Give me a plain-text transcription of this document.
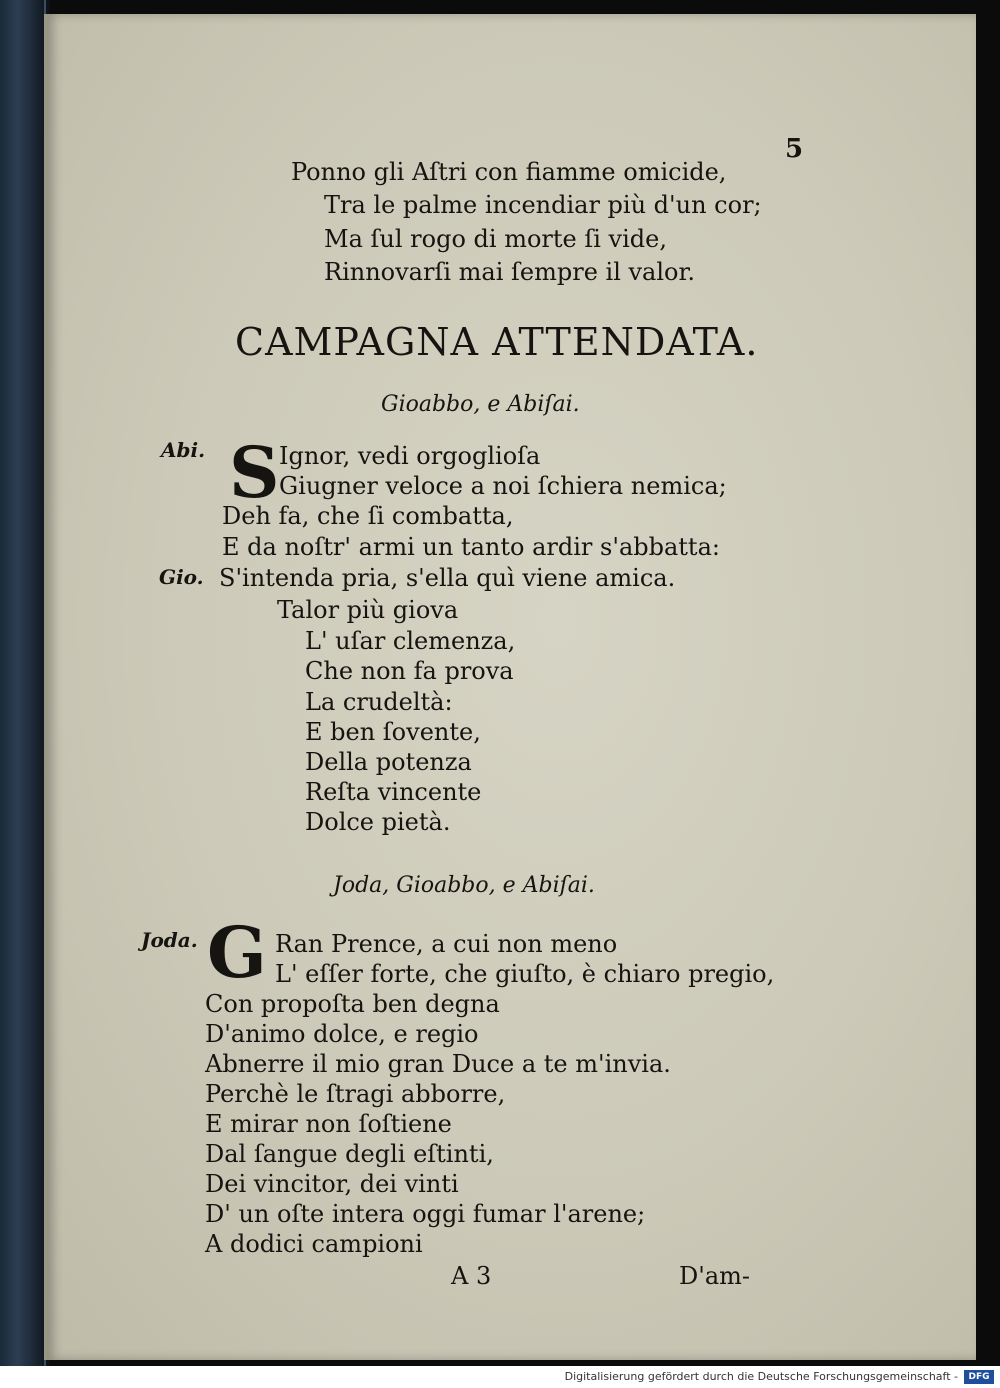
5
Ponno gli Aſtri con fiamme omicide,
Tra le palme incendiar più d'un cor;
Ma ſul rogo di morte ſi vide,
Rinnovarſi mai ſempre il valor.
CAMPAGNA ATTENDATA.
Gioabbo, e Abiſai.
Abi. S Ignor, vedi orgoglioſa
Giugner veloce a noi ſchiera nemica;
Deh fa, che ſi combatta,
E da noſtr' armi un tanto ardir s'abbatta:
Gio. S'intenda pria, s'ella quì viene amica.
Talor più giova
L' uſar clemenza,
Che non fa prova
La crudeltà:
E ben ſovente,
Della potenza
Reſta vincente
Dolce pietà.
Joda, Gioabbo, e Abiſai.
Joda. G Ran Prence, a cui non meno
L' eſſer forte, che giuſto, è chiaro pregio,
Con propoſta ben degna
D'animo dolce, e regio
Abnerre il mio gran Duce a te m'invia.
Perchè le ſtragi abborre,
E mirar non ſoſtiene
Dal ſangue degli eſtinti,
Dei vincitor, dei vinti
D' un oſte intera oggi fumar l'arene;
A dodici campioni
A 3	D'am-
Digitalisierung gefördert durch die Deutsche Forschungsgemeinschaft -	DFG
